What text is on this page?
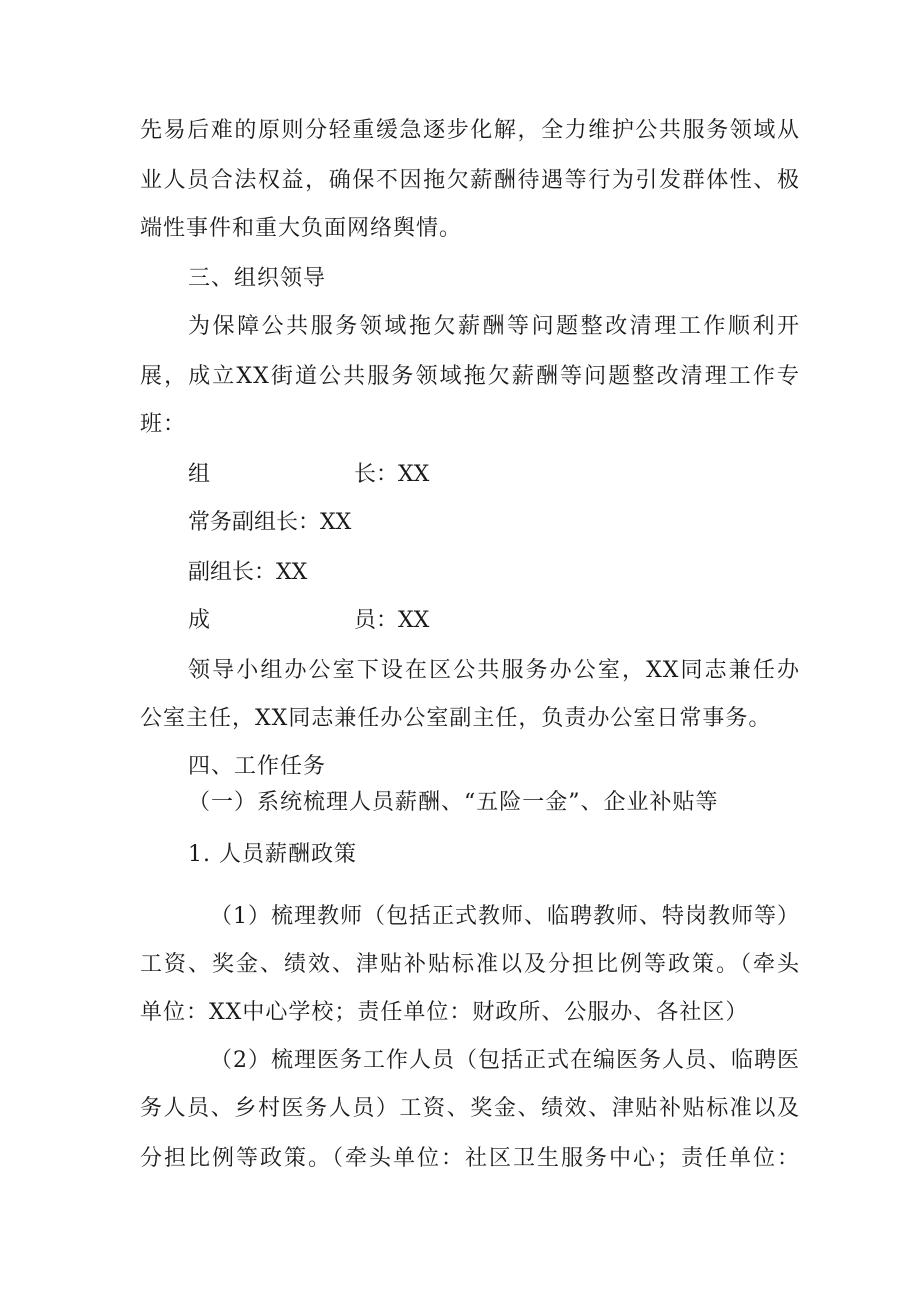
先易后难的原则分轻重缓急逐步化解，全力维护公共服务领域从
业人员合法权益，确保不因拖欠薪酬待遇等行为引发群体性、极
端性事件和重大负面网络舆情。
三、组织领导
为保障公共服务领域拖欠薪酬等问题整改清理工作顺利开
展，成立XX街道公共服务领域拖欠薪酬等问题整改清理工作专
班：
组	长：XX
常务副组长：XX
副组长：XX
成	员：XX
领导小组办公室下设在区公共服务办公室，XX同志兼任办
公室主任，XX同志兼任办公室副主任，负责办公室日常事务。
四、工作任务
（一）系统梳理人员薪酬、“五险一金”、企业补贴等
1. 人员薪酬政策
（1）梳理教师（包括正式教师、临聘教师、特岗教师等）
工资、奖金、绩效、津贴补贴标准以及分担比例等政策。（牵头
单位：XX中心学校；责任单位：财政所、公服办、各社区）
（2）梳理医务工作人员（包括正式在编医务人员、临聘医
务人员、乡村医务人员）工资、奖金、绩效、津贴补贴标准以及
分担比例等政策。（牵头单位：社区卫生服务中心；责任单位：
